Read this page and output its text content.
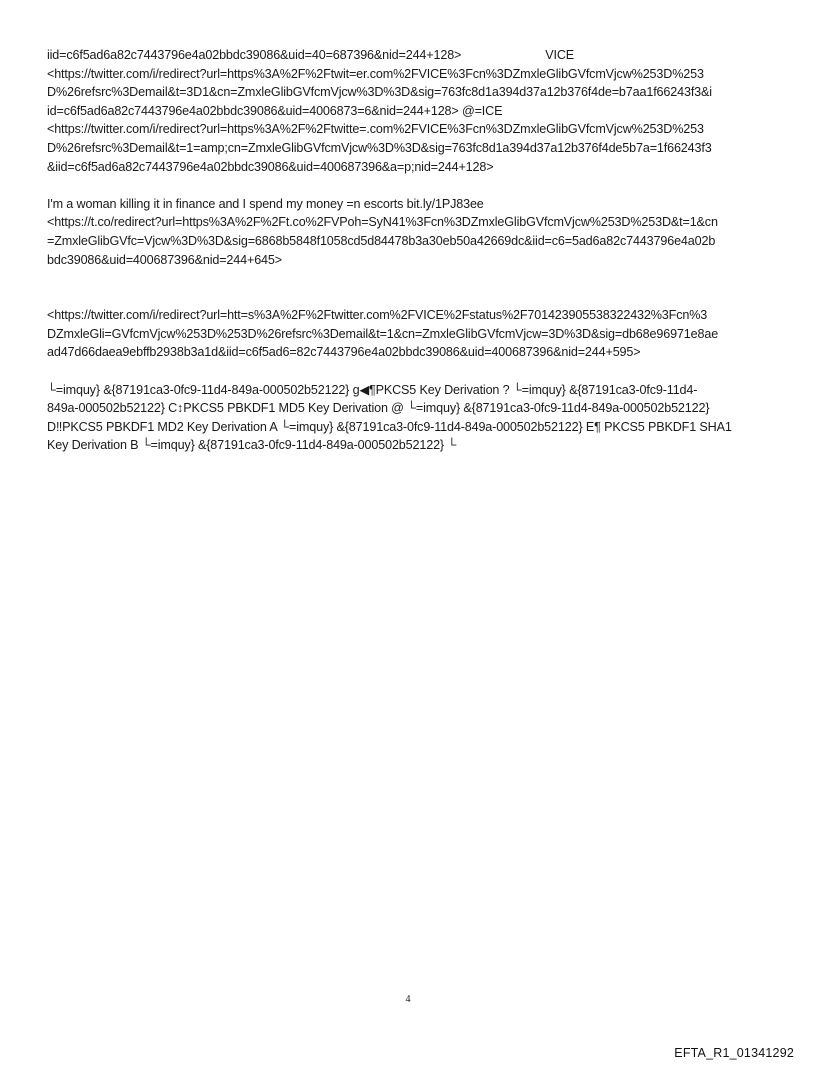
iid=c6f5ad6a82c7443796e4a02bbdc39086&uid=40=687396&nid=244+128>	VICE

<https://twitter.com/i/redirect?url=https%3A%2F%2Ftwit=er.com%2FVICE%3Fcn%3DZmxleGlibGVfcmVjcw%253D%253

D%26refsrc%3Demail&t=3D1&cn=ZmxleGlibGVfcmVjcw%3D%3D&sig=763fc8d1a394d37a12b376f4de=b7aa1f66243f3&i

id=c6f5ad6a82c7443796e4a02bbdc39086&uid=4006873=6&nid=244+128> @=ICE

<https://twitter.com/i/redirect?url=https%3A%2F%2Ftwitte=.com%2FVICE%3Fcn%3DZmxleGlibGVfcmVjcw%253D%253

D%26refsrc%3Demail&t=1=amp;cn=ZmxleGlibGVfcmVjcw%3D%3D&sig=763fc8d1a394d37a12b376f4de5b7a=1f66243f3

&iid=c6f5ad6a82c7443796e4a02bbdc39086&uid=400687396&a=p;nid=244+128>

I'm a woman killing it in finance and I spend my money =n escorts bit.ly/1PJ83ee

<https://t.co/redirect?url=https%3A%2F%2Ft.co%2FVPoh=SyN41%3Fcn%3DZmxleGlibGVfcmVjcw%253D%253D&t=1&cn

=ZmxleGlibGVfc=Vjcw%3D%3D&sig=6868b5848f1058cd5d84478b3a30eb50a42669dc&iid=c6=5ad6a82c7443796e4a02b

bdc39086&uid=400687396&nid=244+645>

<https://twitter.com/i/redirect?url=htt=s%3A%2F%2Ftwitter.com%2FVICE%2Fstatus%2F701423905538322432%3Fcn%3

DZmxleGli=GVfcmVjcw%253D%253D%26refsrc%3Demail&t=1&cn=ZmxleGlibGVfcmVjcw=3D%3D&sig=db68e96971e8ae

ad47d66daea9ebffb2938b3a1d&iid=c6f5ad6=82c7443796e4a02bbdc39086&uid=400687396&nid=244+595>

└=imquy} &{87191ca3-0fc9-11d4-849a-000502b52122} g◀¶PKCS5 Key Derivation ? └=imquy} &{87191ca3-0fc9-11d4-

849a-000502b52122} C↕PKCS5 PBKDF1 MD5 Key Derivation @ └=imquy} &{87191ca3-0fc9-11d4-849a-000502b52122}

D‼PKCS5 PBKDF1 MD2 Key Derivation A └=imquy} &{87191ca3-0fc9-11d4-849a-000502b52122} E¶ PKCS5 PBKDF1 SHA1

Key Derivation B └=imquy} &{87191ca3-0fc9-11d4-849a-000502b52122} └

4
EFTA_R1_01341292
